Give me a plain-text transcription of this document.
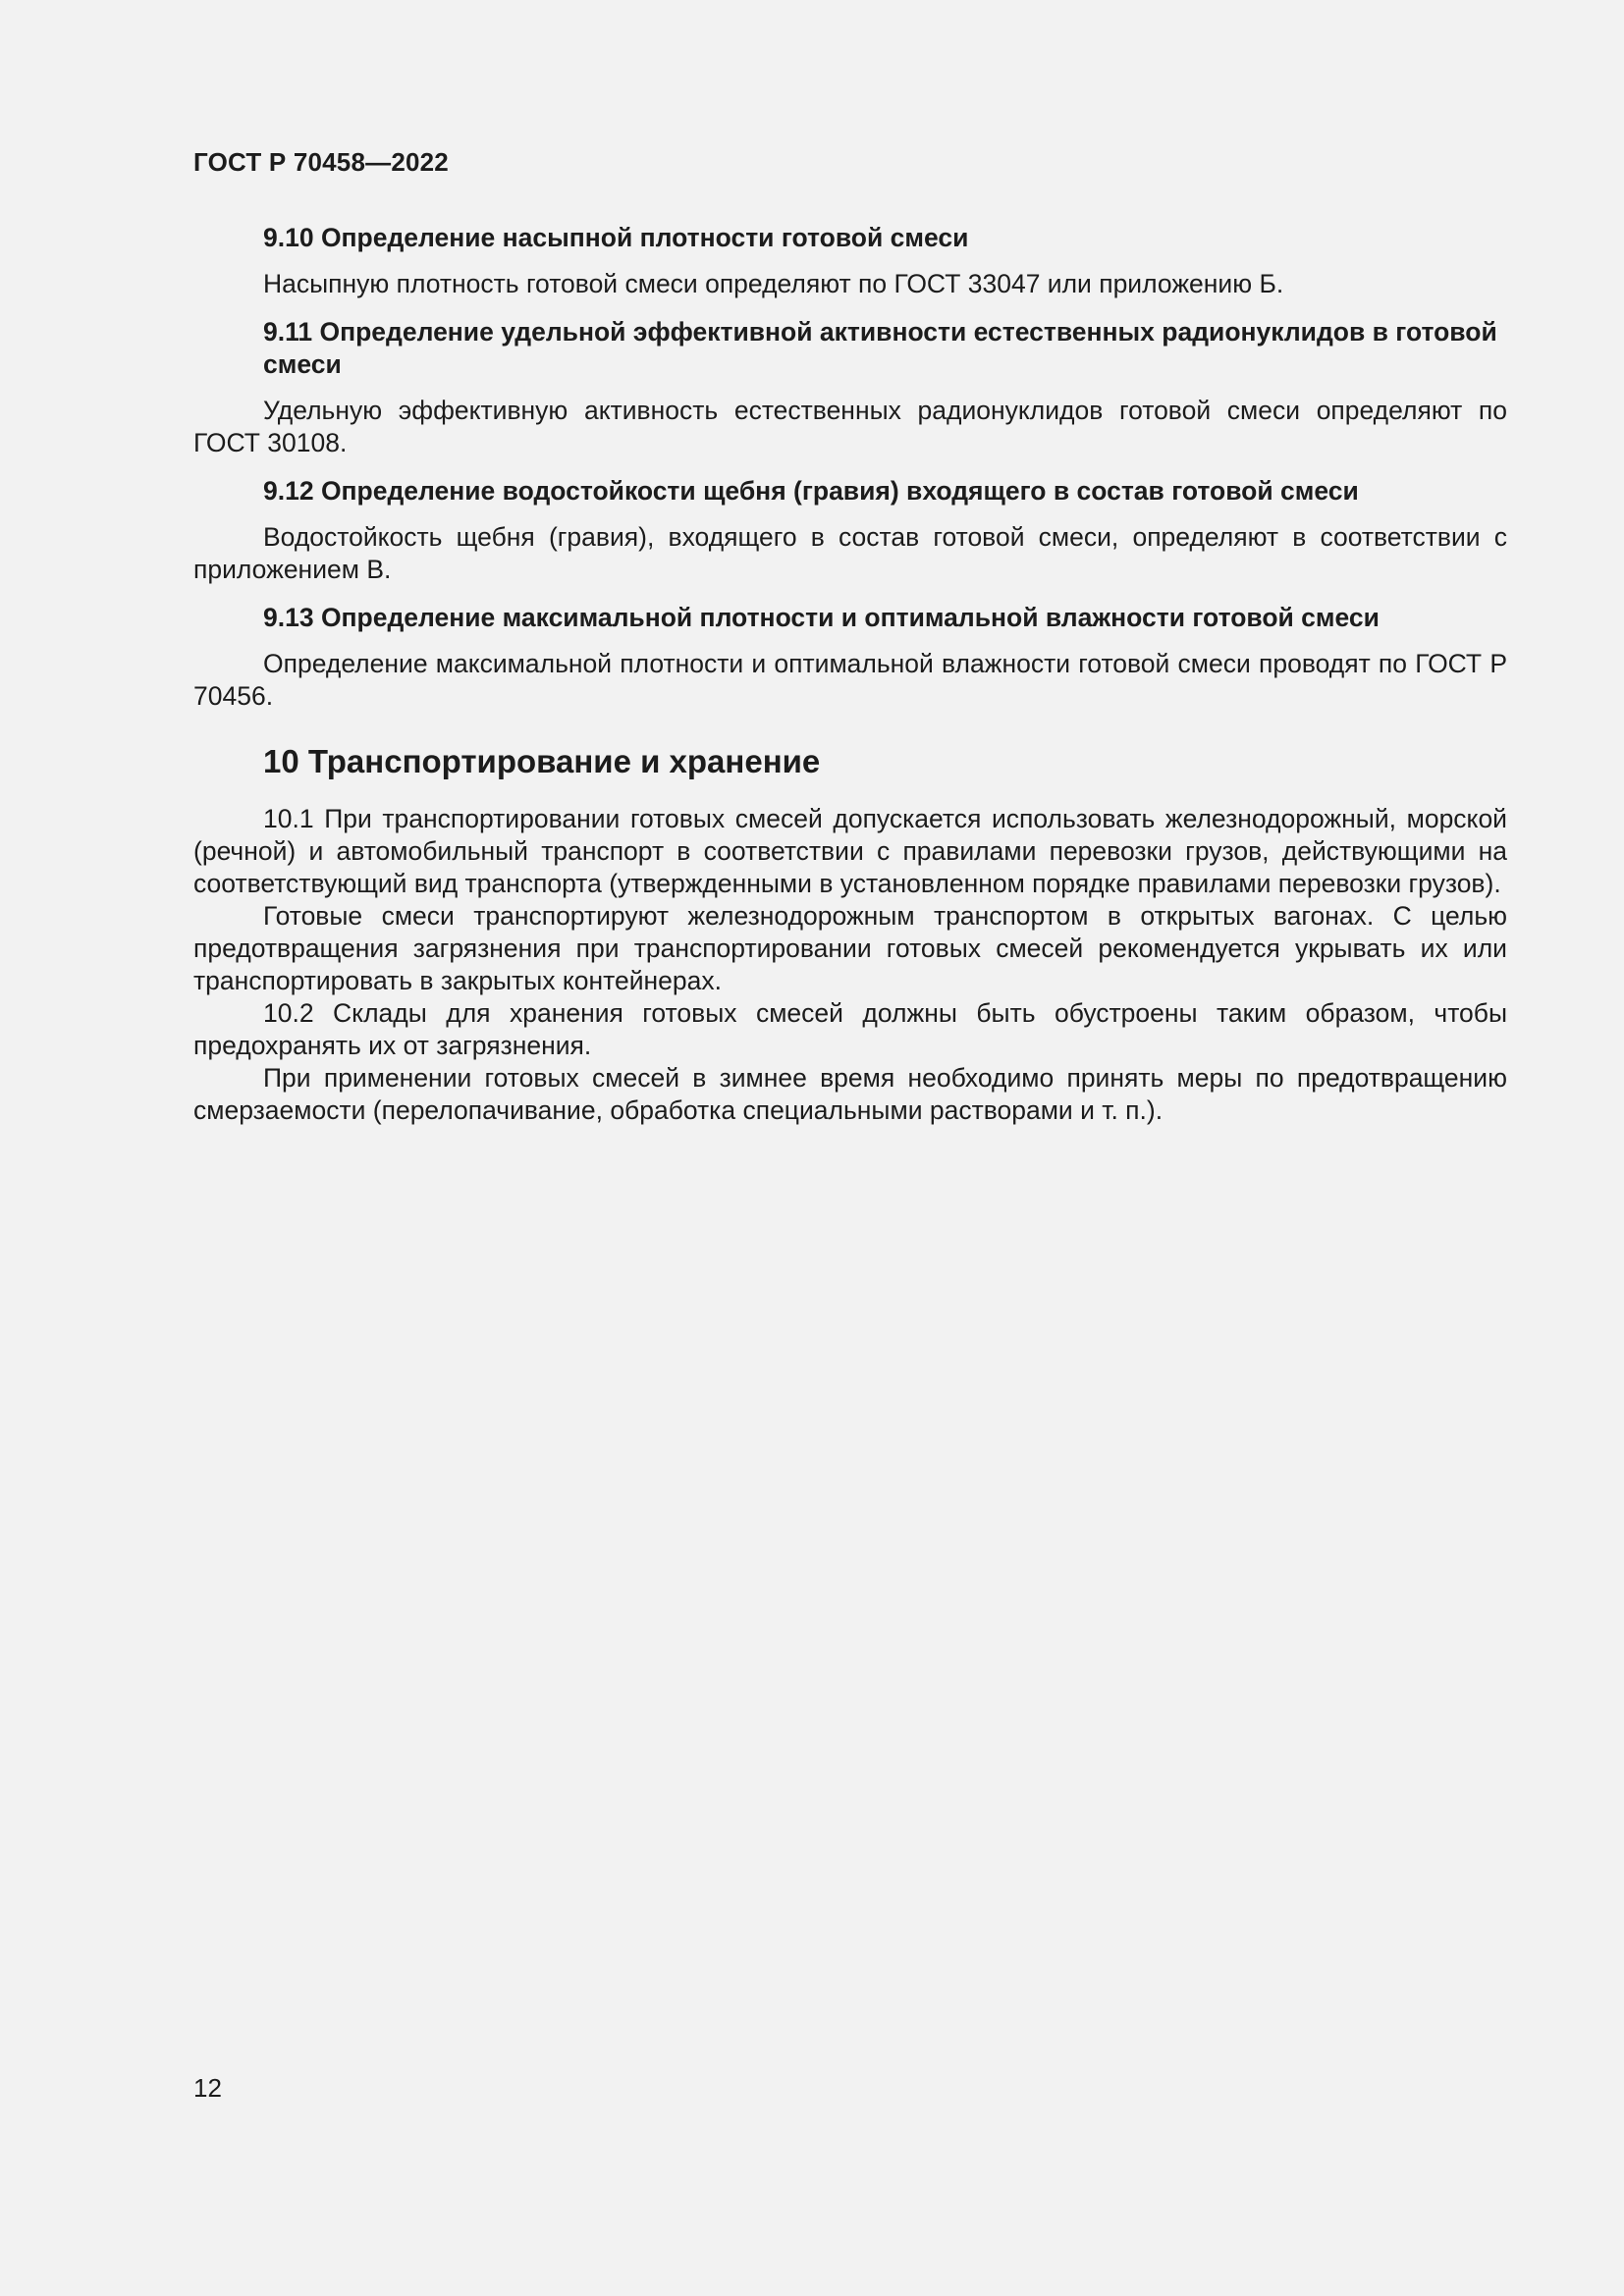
ГОСТ Р 70458—2022

9.10 Определение насыпной плотности готовой смеси

Насыпную плотность готовой смеси определяют по ГОСТ 33047 или приложению Б.

9.11 Определение удельной эффективной активности естественных радионуклидов в готовой смеси

Удельную эффективную активность естественных радионуклидов готовой смеси определяют по ГОСТ 30108.

9.12 Определение водостойкости щебня (гравия) входящего в состав готовой смеси

Водостойкость щебня (гравия), входящего в состав готовой смеси, определяют в соответствии с приложением В.

9.13 Определение максимальной плотности и оптимальной влажности готовой смеси

Определение максимальной плотности и оптимальной влажности готовой смеси проводят по ГОСТ Р 70456.

10 Транспортирование и хранение

10.1 При транспортировании готовых смесей допускается использовать железнодорожный, морской (речной) и автомобильный транспорт в соответствии с правилами перевозки грузов, действующими на соответствующий вид транспорта (утвержденными в установленном порядке правилами перевозки грузов).

Готовые смеси транспортируют железнодорожным транспортом в открытых вагонах. С целью предотвращения загрязнения при транспортировании готовых смесей рекомендуется укрывать их или транспортировать в закрытых контейнерах.

10.2 Склады для хранения готовых смесей должны быть обустроены таким образом, чтобы предохранять их от загрязнения.

При применении готовых смесей в зимнее время необходимо принять меры по предотвращению смерзаемости (перелопачивание, обработка специальными растворами и т. п.).

12
